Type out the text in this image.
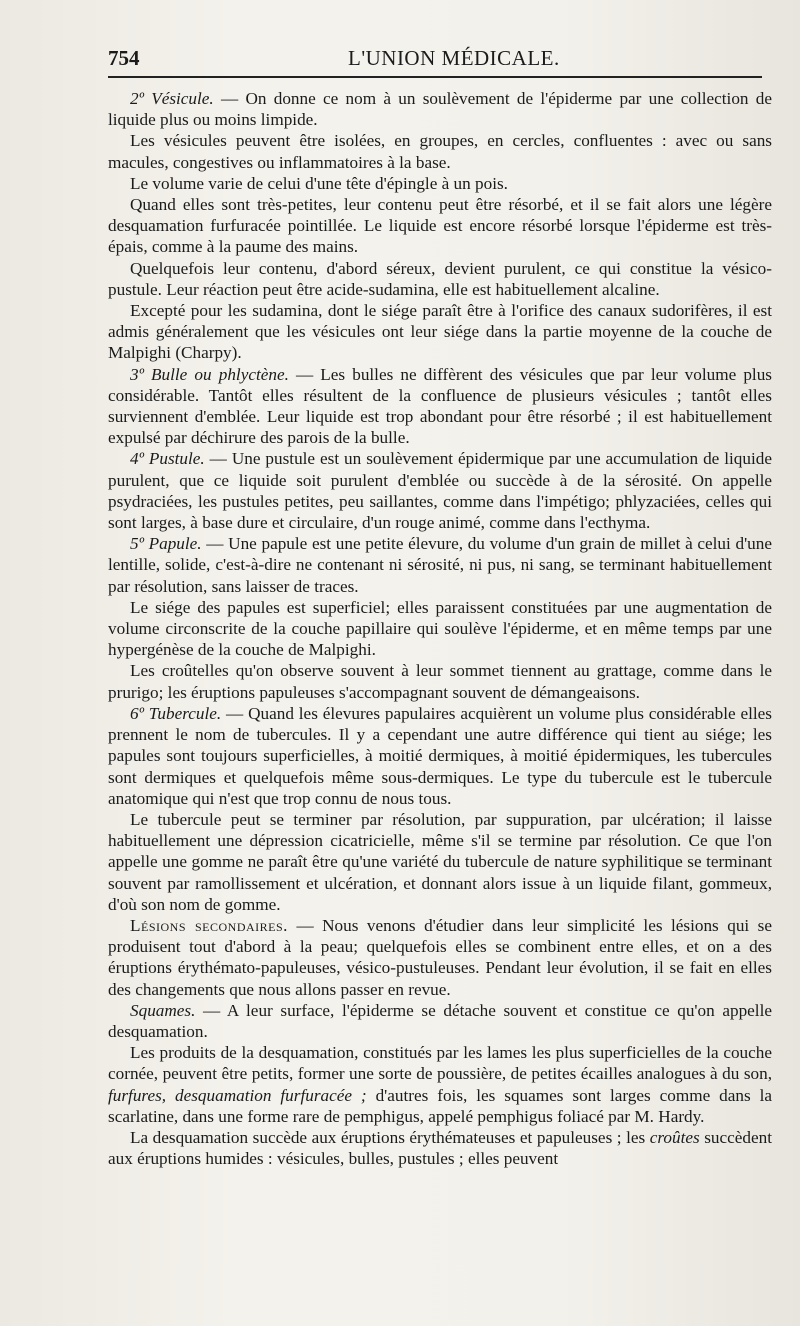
754	L'UNION MÉDICALE.

2º Vésicule. — On donne ce nom à un soulèvement de l'épiderme par une collection de liquide plus ou moins limpide.

Les vésicules peuvent être isolées, en groupes, en cercles, confluentes : avec ou sans macules, congestives ou inflammatoires à la base.

Le volume varie de celui d'une tête d'épingle à un pois.

Quand elles sont très-petites, leur contenu peut être résorbé, et il se fait alors une légère desquamation furfuracée pointillée. Le liquide est encore résorbé lorsque l'épiderme est très-épais, comme à la paume des mains.

Quelquefois leur contenu, d'abord séreux, devient purulent, ce qui constitue la vésico-pustule. Leur réaction peut être acide-sudamina, elle est habituellement alcaline.

Excepté pour les sudamina, dont le siége paraît être à l'orifice des canaux sudorifères, il est admis généralement que les vésicules ont leur siége dans la partie moyenne de la couche de Malpighi (Charpy).

3º Bulle ou phlyctène. — Les bulles ne diffèrent des vésicules que par leur volume plus considérable. Tantôt elles résultent de la confluence de plusieurs vésicules ; tantôt elles surviennent d'emblée. Leur liquide est trop abondant pour être résorbé ; il est habituellement expulsé par déchirure des parois de la bulle.

4º Pustule. — Une pustule est un soulèvement épidermique par une accumulation de liquide purulent, que ce liquide soit purulent d'emblée ou succède à de la sérosité. On appelle psydraciées, les pustules petites, peu saillantes, comme dans l'impétigo; phlyzaciées, celles qui sont larges, à base dure et circulaire, d'un rouge animé, comme dans l'ecthyma.

5º Papule. — Une papule est une petite élevure, du volume d'un grain de millet à celui d'une lentille, solide, c'est-à-dire ne contenant ni sérosité, ni pus, ni sang, se terminant habituellement par résolution, sans laisser de traces.

Le siége des papules est superficiel; elles paraissent constituées par une augmentation de volume circonscrite de la couche papillaire qui soulève l'épiderme, et en même temps par une hypergénèse de la couche de Malpighi.

Les croûtelles qu'on observe souvent à leur sommet tiennent au grattage, comme dans le prurigo; les éruptions papuleuses s'accompagnant souvent de démangeaisons.

6º Tubercule. — Quand les élevures papulaires acquièrent un volume plus considérable elles prennent le nom de tubercules. Il y a cependant une autre différence qui tient au siége; les papules sont toujours superficielles, à moitié dermiques, à moitié épidermiques, les tubercules sont dermiques et quelquefois même sous-dermiques. Le type du tubercule est le tubercule anatomique qui n'est que trop connu de nous tous.

Le tubercule peut se terminer par résolution, par suppuration, par ulcération; il laisse habituellement une dépression cicatricielle, même s'il se termine par résolution. Ce que l'on appelle une gomme ne paraît être qu'une variété du tubercule de nature syphilitique se terminant souvent par ramollissement et ulcération, et donnant alors issue à un liquide filant, gommeux, d'où son nom de gomme.

Lésions secondaires. — Nous venons d'étudier dans leur simplicité les lésions qui se produisent tout d'abord à la peau; quelquefois elles se combinent entre elles, et on a des éruptions érythémato-papuleuses, vésico-pustuleuses. Pendant leur évolution, il se fait en elles des changements que nous allons passer en revue.

Squames. — A leur surface, l'épiderme se détache souvent et constitue ce qu'on appelle desquamation.

Les produits de la desquamation, constitués par les lames les plus superficielles de la couche cornée, peuvent être petits, former une sorte de poussière, de petites écailles analogues à du son, furfures, desquamation furfuracée ; d'autres fois, les squames sont larges comme dans la scarlatine, dans une forme rare de pemphigus, appelé pemphigus foliacé par M. Hardy.

La desquamation succède aux éruptions érythémateuses et papuleuses ; les croûtes succèdent aux éruptions humides : vésicules, bulles, pustules ; elles peuvent
